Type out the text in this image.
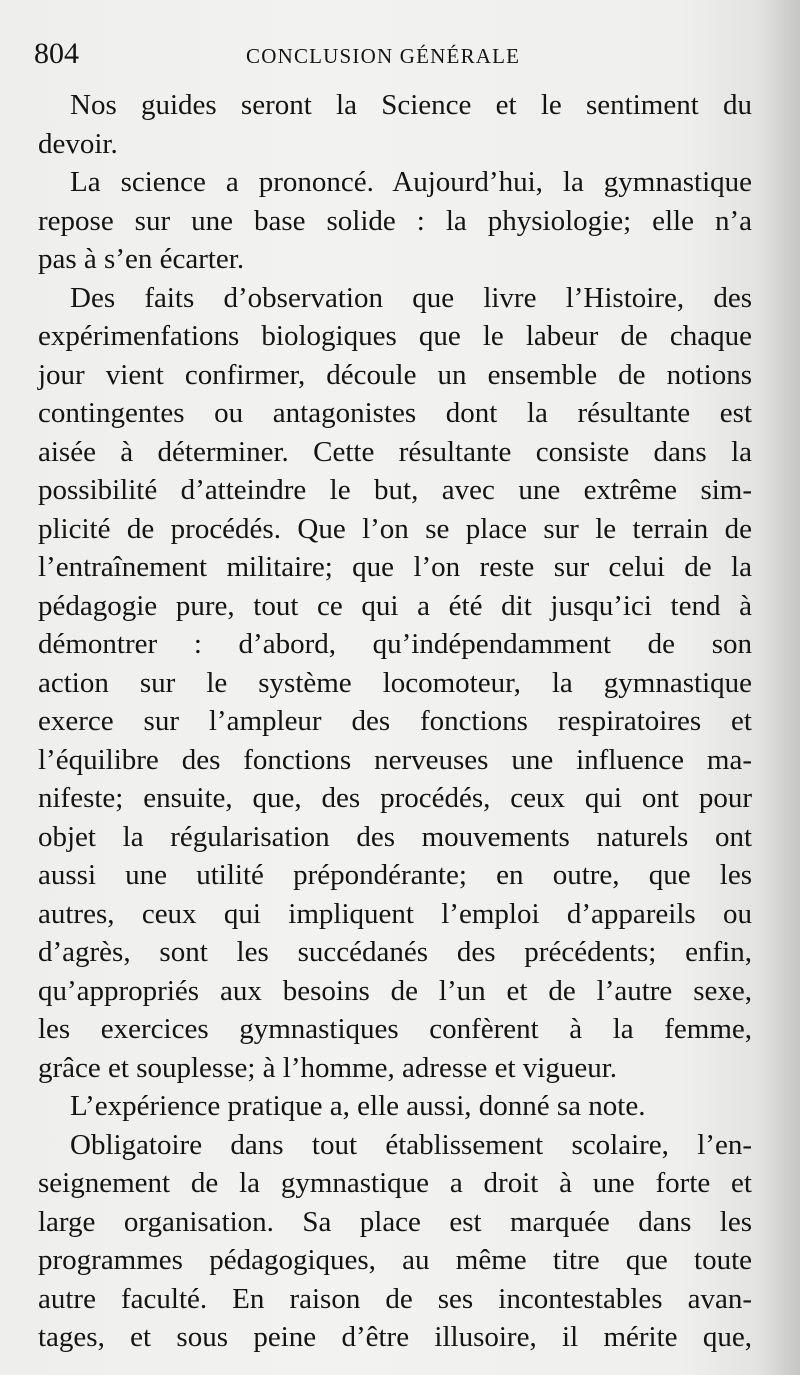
804	CONCLUSION GÉNÉRALE
Nos guides seront la Science et le sentiment du
devoir.
La science a prononcé. Aujourd’hui, la gymnastique
repose sur une base solide : la physiologie; elle n’a
pas à s’en écarter.
Des faits d’observation que livre l’Histoire, des
expérimenfations biologiques que le labeur de chaque
jour vient confirmer, découle un ensemble de notions
contingentes ou antagonistes dont la résultante est
aisée à déterminer. Cette résultante consiste dans la
possibilité d’atteindre le but, avec une extrême sim-
plicité de procédés. Que l’on se place sur le terrain de
l’entraînement militaire; que l’on reste sur celui de la
pédagogie pure, tout ce qui a été dit jusqu’ici tend à
démontrer : d’abord, qu’indépendamment de son
action sur le système locomoteur, la gymnastique
exerce sur l’ampleur des fonctions respiratoires et
l’équilibre des fonctions nerveuses une influence ma-
nifeste; ensuite, que, des procédés, ceux qui ont pour
objet la régularisation des mouvements naturels ont
aussi une utilité prépondérante; en outre, que les
autres, ceux qui impliquent l’emploi d’appareils ou
d’agrès, sont les succédanés des précédents; enfin,
qu’appropriés aux besoins de l’un et de l’autre sexe,
les exercices gymnastiques confèrent à la femme,
grâce et souplesse; à l’homme, adresse et vigueur.
L’expérience pratique a, elle aussi, donné sa note.
Obligatoire dans tout établissement scolaire, l’en-
seignement de la gymnastique a droit à une forte et
large organisation. Sa place est marquée dans les
programmes pédagogiques, au même titre que toute
autre faculté. En raison de ses incontestables avan-
tages, et sous peine d’être illusoire, il mérite que,
